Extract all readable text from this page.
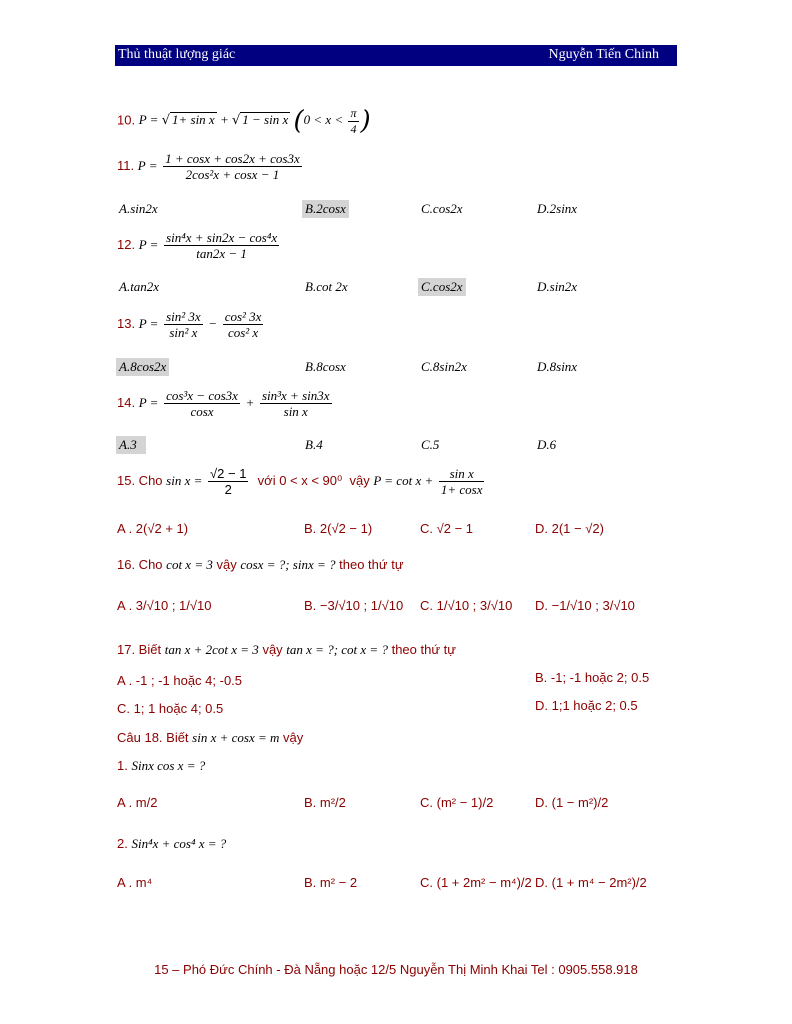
Thủ thuật lượng giác	Nguyễn Tiến Chinh
10. P = √ 1+ sin x + √ 1 − sin x ($0 < x < \frac{\pi}{4}$ )
11. $P = \frac{1 + \cos x + \cos 2x + \cos 3x}{\text{2cos²x + cosx − 1}}$
A.sin2x	B.2cosx	C.cos2x	D.2sinx
12. $P = \frac{\text{sin⁴x + sin2x − cos⁴x}}{\tan 2x - 1}$
A.tan2x	B.cot 2x	C.cos2x	D.sin2x
13. $P = \frac{\text{sin² 3x}}{\text{sin² x}} - \frac{\text{cos² 3x}}{\text{cos² x}}$
A.8cos2x	B.8cosx	C.8sin2x	D.8sinx
14. $P = \frac{\text{cos³x − cos3x}}{\cos x} + \frac{\text{sin³x + sin3x}}{\text{sin x}}$
A.3	B.4	C.5	D.6
15. Cho $\sin x = \frac{√2 - 1}{2}$ với 0 < x < 90⁰ vậy $P = \cot x + \frac{\text{sin x}}{1+ \cos x}$
A . 2(√2 + 1)	B. 2(√2 − 1)	C. √2 − 1	D. 2(1 − √2)
16. Cho cot x = 3 vậy cosx = ?; sinx = ? theo thứ tự
A . 3/√10 ; 1/√10	B. −3/√10 ; 1/√10 C. 1/√10 ; 3/√10 D. −1/√10 ; 3/√10
17. Biết tan x + 2cot x = 3 vậy tan x = ?; cot x = ? theo thứ tự
A . -1 ; -1 hoặc 4; -0.5	B. -1; -1 hoặc 2; 0.5
C. 1; 1 hoặc 4; 0.5	D. 1;1 hoặc 2; 0.5
Câu 18. Biết sin x + cosx = m vậy
1. Sinx cos x = ?
A . m/2	B. m²/2	C. (m² − 1)/2	D. (1 − m²)/2
2. Sin⁴x + cos⁴ x = ?
A . m⁴	B. m² − 2	C. (1 + 2m² − m⁴)/2 D. (1 + m⁴ − 2m²)/2
15 – Phó Đức Chính - Đà Nẵng hoặc 12/5 Nguyễn Thị Minh Khai Tel : 0905.558.918
